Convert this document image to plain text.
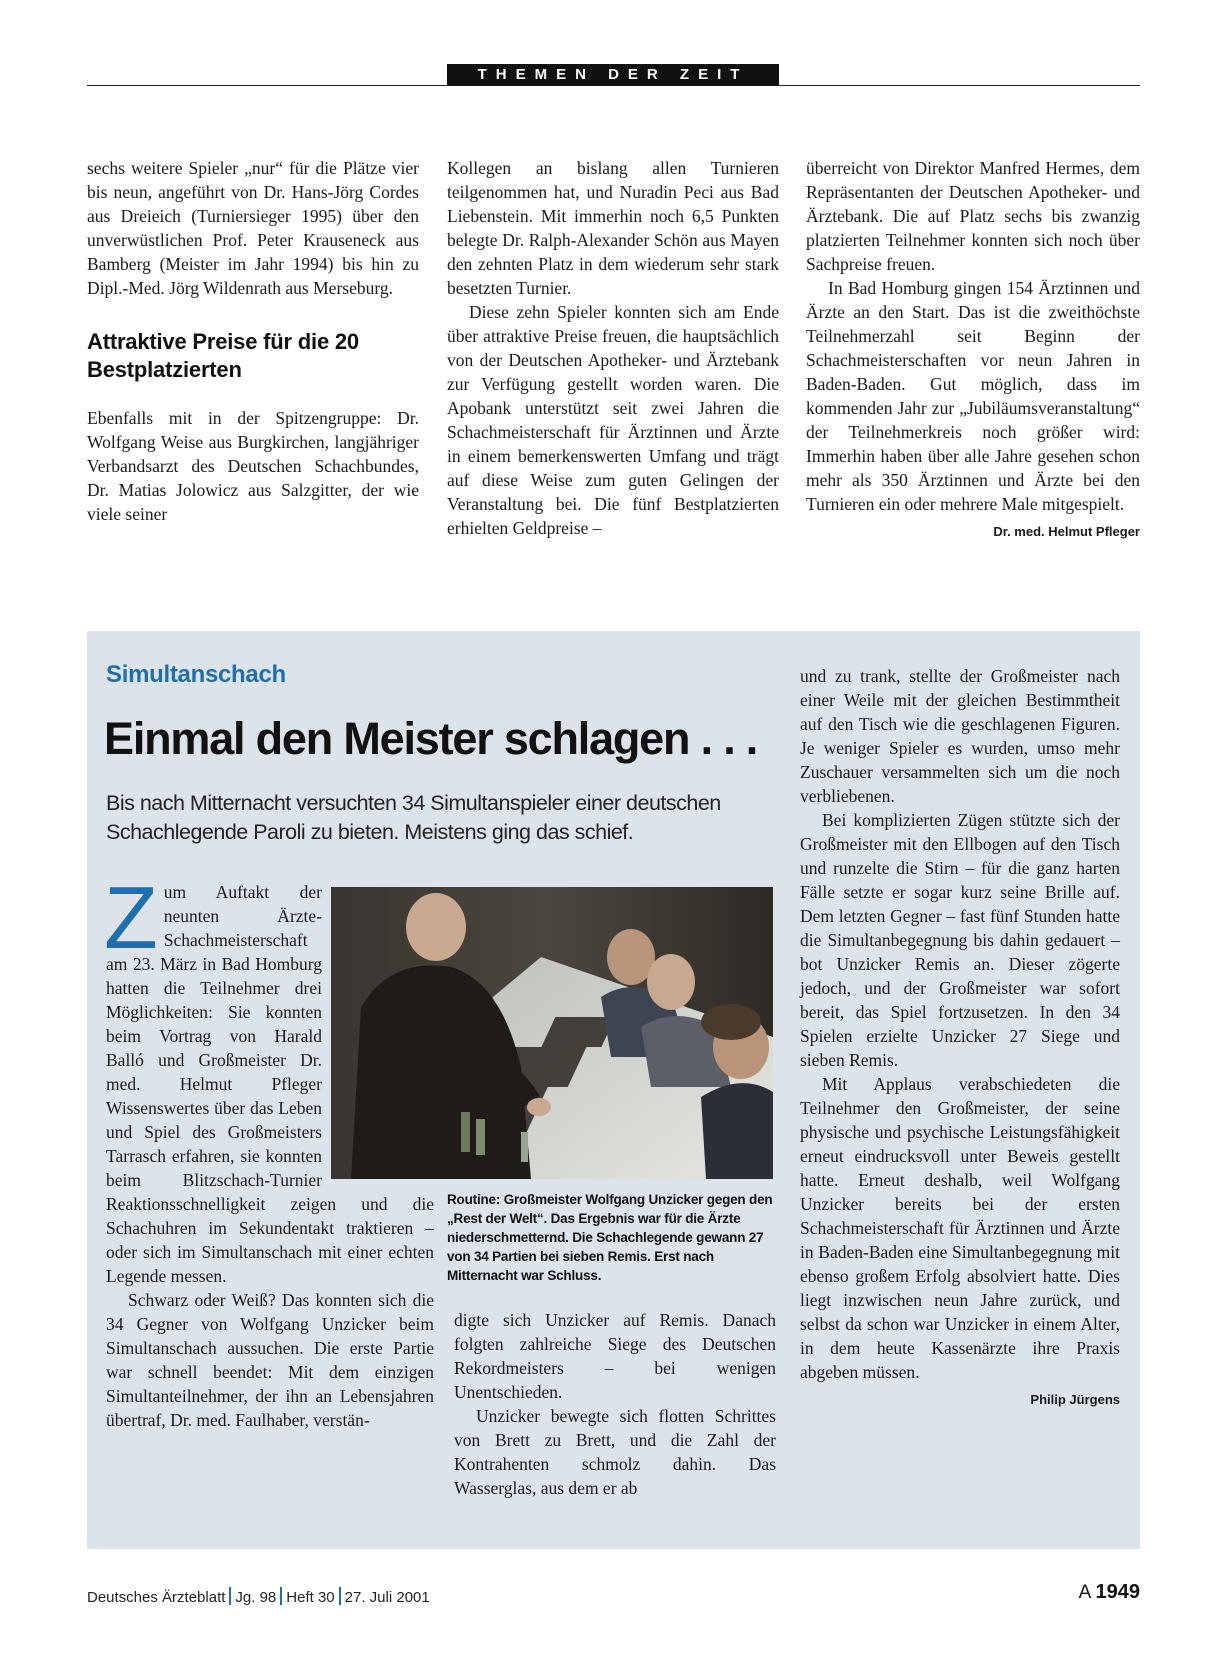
THEMEN DER ZEIT

sechs weitere Spieler „nur“ für die Plätze vier bis neun, angeführt von Dr. Hans-Jörg Cordes aus Dreieich (Turniersieger 1995) über den unverwüstlichen Prof. Peter Krauseneck aus Bamberg (Meister im Jahr 1994) bis hin zu Dipl.-Med. Jörg Wildenrath aus Merseburg.

Attraktive Preise für die 20 Bestplatzierten

Ebenfalls mit in der Spitzengruppe: Dr. Wolfgang Weise aus Burgkirchen, langjähriger Verbandsarzt des Deutschen Schachbundes, Dr. Matias Jolowicz aus Salzgitter, der wie viele seiner

Kollegen an bislang allen Turnieren teilgenommen hat, und Nuradin Peci aus Bad Liebenstein. Mit immerhin noch 6,5 Punkten belegte Dr. Ralph-Alexander Schön aus Mayen den zehnten Platz in dem wiederum sehr stark besetzten Turnier.

Diese zehn Spieler konnten sich am Ende über attraktive Preise freuen, die hauptsächlich von der Deutschen Apotheker- und Ärztebank zur Verfügung gestellt worden waren. Die Apobank unterstützt seit zwei Jahren die Schachmeisterschaft für Ärztinnen und Ärzte in einem bemerkenswerten Umfang und trägt auf diese Weise zum guten Gelingen der Veranstaltung bei. Die fünf Bestplatzierten erhielten Geldpreise –

überreicht von Direktor Manfred Hermes, dem Repräsentanten der Deutschen Apotheker- und Ärztebank. Die auf Platz sechs bis zwanzig platzierten Teilnehmer konnten sich noch über Sachpreise freuen.

In Bad Homburg gingen 154 Ärztinnen und Ärzte an den Start. Das ist die zweithöchste Teilnehmerzahl seit Beginn der Schachmeisterschaften vor neun Jahren in Baden-Baden. Gut möglich, dass im kommenden Jahr zur „Jubiläumsveranstaltung“ der Teilnehmerkreis noch größer wird: Immerhin haben über alle Jahre gesehen schon mehr als 350 Ärztinnen und Ärzte bei den Turnieren ein oder mehrere Male mitgespielt.

Dr. med. Helmut Pfleger
Simultanschach
Einmal den Meister schlagen . . .
Bis nach Mitternacht versuchten 34 Simultanspieler einer deutschen Schachlegende Paroli zu bieten. Meistens ging das schief.

Zum Auftakt der neunten Ärzte-Schachmeisterschaft am 23. März in Bad Homburg hatten die Teilnehmer drei Möglichkeiten: Sie konnten beim Vortrag von Harald Balló und Großmeister Dr. med. Helmut Pfleger Wissenswertes über das Leben und Spiel des Großmeisters Tarrasch erfahren, sie konnten beim Blitzschach-Turnier Reaktionsschnelligkeit zeigen und die Schachuhren im Sekundentakt traktieren – oder sich im Simultanschach mit einer echten Legende messen.

Schwarz oder Weiß? Das konnten sich die 34 Gegner von Wolfgang Unzicker beim Simultanschach aussuchen. Die erste Partie war schnell beendet: Mit dem einzigen Simultanteilnehmer, der ihn an Lebensjahren übertraf, Dr. med. Faulhaber, verstän-

Routine: Großmeister Wolfgang Unzicker gegen den „Rest der Welt“. Das Ergebnis war für die Ärzte niederschmetternd. Die Schachlegende gewann 27 von 34 Partien bei sieben Remis. Erst nach Mitternacht war Schluss.

digte sich Unzicker auf Remis. Danach folgten zahlreiche Siege des Deutschen Rekordmeisters – bei wenigen Unentschieden.

Unzicker bewegte sich flotten Schrittes von Brett zu Brett, und die Zahl der Kontrahenten schmolz dahin. Das Wasserglas, aus dem er ab

und zu trank, stellte der Großmeister nach einer Weile mit der gleichen Bestimmtheit auf den Tisch wie die geschlagenen Figuren. Je weniger Spieler es wurden, umso mehr Zuschauer versammelten sich um die noch verbliebenen.

Bei komplizierten Zügen stützte sich der Großmeister mit den Ellbogen auf den Tisch und runzelte die Stirn – für die ganz harten Fälle setzte er sogar kurz seine Brille auf. Dem letzten Gegner – fast fünf Stunden hatte die Simultanbegegnung bis dahin gedauert – bot Unzicker Remis an. Dieser zögerte jedoch, und der Großmeister war sofort bereit, das Spiel fortzusetzen. In den 34 Spielen erzielte Unzicker 27 Siege und sieben Remis.

Mit Applaus verabschiedeten die Teilnehmer den Großmeister, der seine physische und psychische Leistungsfähigkeit erneut eindrucksvoll unter Beweis gestellt hatte. Erneut deshalb, weil Wolfgang Unzicker bereits bei der ersten Schachmeisterschaft für Ärztinnen und Ärzte in Baden-Baden eine Simultanbegegnung mit ebenso großem Erfolg absolviert hatte. Dies liegt inzwischen neun Jahre zurück, und selbst da schon war Unzicker in einem Alter, in dem heute Kassenärzte ihre Praxis abgeben müssen.

Philip Jürgens
Deutsches Ärzteblatt Jg. 98 Heft 30 27. Juli 2001	A 1949
